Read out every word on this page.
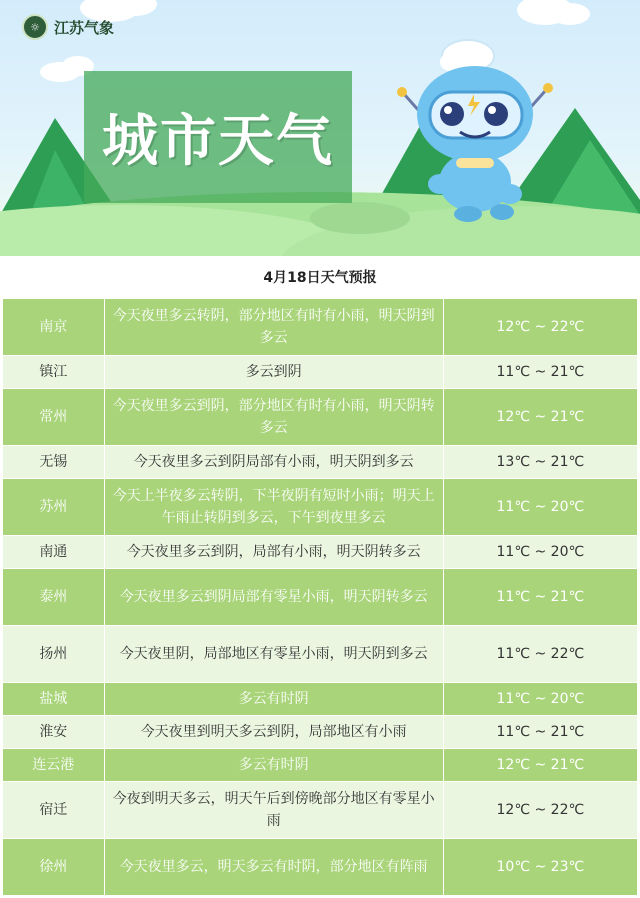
☼ 江苏气象
城市天气
4月18日天气预报
南京	今天夜里多云转阴，部分地区有时有小雨，明天阴到多云	12℃ ~ 22℃
镇江	多云到阴	11℃ ~ 21℃
常州	今天夜里多云到阴，部分地区有时有小雨，明天阴转多云	12℃ ~ 21℃
无锡	今天夜里多云到阴局部有小雨，明天阴到多云	13℃ ~ 21℃
苏州	今天上半夜多云转阴，下半夜阴有短时小雨；明天上午雨止转阴到多云，下午到夜里多云	11℃ ~ 20℃
南通	今天夜里多云到阴，局部有小雨，明天阴转多云	11℃ ~ 20℃
泰州	今天夜里多云到阴局部有零星小雨，明天阴转多云	11℃ ~ 21℃
扬州	今天夜里阴，局部地区有零星小雨，明天阴到多云	11℃ ~ 22℃
盐城	多云有时阴	11℃ ~ 20℃
淮安	今天夜里到明天多云到阴，局部地区有小雨	11℃ ~ 21℃
连云港	多云有时阴	12℃ ~ 21℃
宿迁	今夜到明天多云，明天午后到傍晚部分地区有零星小雨	12℃ ~ 22℃
徐州	今天夜里多云，明天多云有时阴，部分地区有阵雨	10℃ ~ 23℃
